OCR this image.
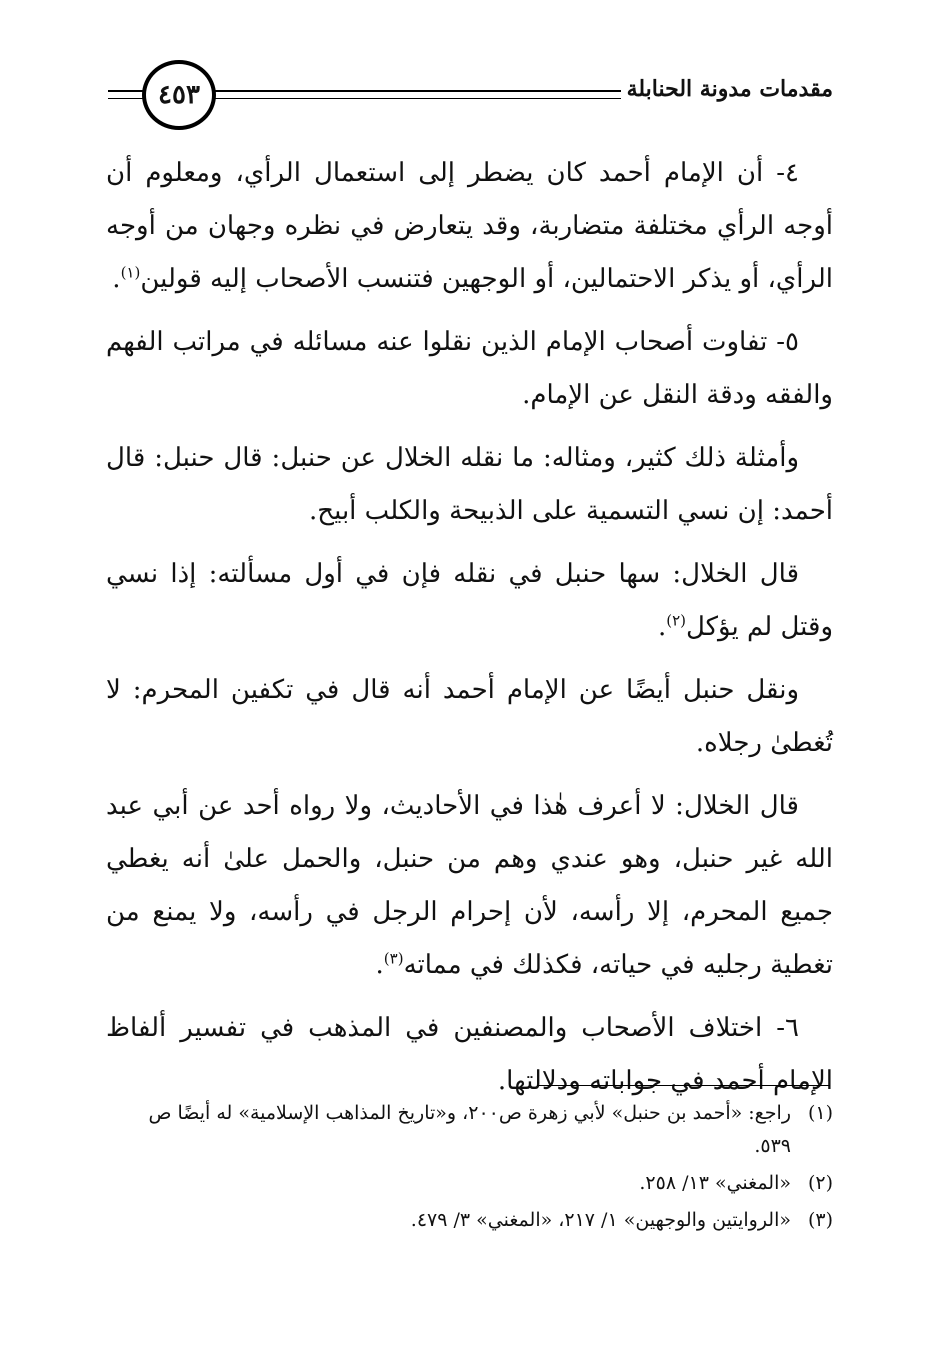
٤٥٣	مقدمات مدونة الحنابلة

٤- أن الإمام أحمد كان يضطر إلى استعمال الرأي، ومعلوم أن أوجه الرأي مختلفة متضاربة، وقد يتعارض في نظره وجهان من أوجه الرأي، أو يذكر الاحتمالين، أو الوجهين فتنسب الأصحاب إليه قولين$^{(١)}$.

٥- تفاوت أصحاب الإمام الذين نقلوا عنه مسائله في مراتب الفهم والفقه ودقة النقل عن الإمام.

وأمثلة ذلك كثير، ومثاله: ما نقله الخلال عن حنبل: قال حنبل: قال أحمد: إن نسي التسمية على الذبيحة والكلب أبيح.

قال الخلال: سها حنبل في نقله فإن في أول مسألته: إذا نسي وقتل لم يؤكل$^{(٢)}$.

ونقل حنبل أيضًا عن الإمام أحمد أنه قال في تكفين المحرم: لا تُغطىٰ رجلاه.

قال الخلال: لا أعرف هٰذا في الأحاديث، ولا رواه أحد عن أبي عبد الله غير حنبل، وهو عندي وهم من حنبل، والحمل علىٰ أنه يغطي جميع المحرم، إلا رأسه، لأن إحرام الرجل في رأسه، ولا يمنع من تغطية رجليه في حياته، فكذلك في مماته$^{(٣)}$.

٦- اختلاف الأصحاب والمصنفين في المذهب في تفسير ألفاظ الإمام أحمد في جواباته ودلالتها.

(١)
راجع: «أحمد بن حنبل» لأبي زهرة ص٢٠٠، و«تاريخ المذاهب الإسلامية» له أيضًا ص ٥٣٩.
(٢)
«المغني» ١٣/ ٢٥٨.
(٣)
«الروايتين والوجهين» ١/ ٢١٧، «المغني» ٣/ ٤٧٩.
